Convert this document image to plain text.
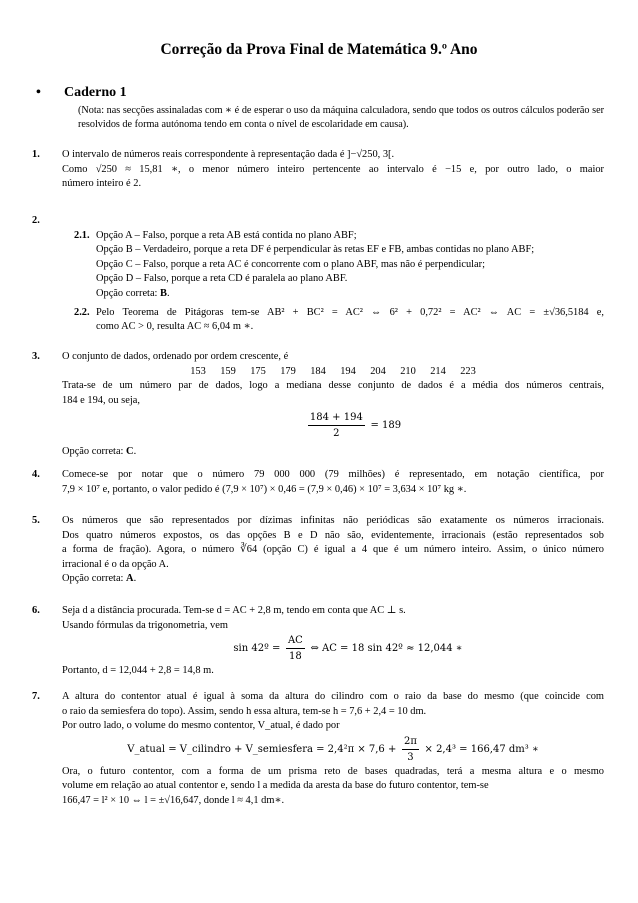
Correção da Prova Final de Matemática 9.º Ano
• Caderno 1
(Nota: nas secções assinaladas com ∗ é de esperar o uso da máquina calculadora, sendo que todos os outros cálculos poderão ser resolvidos de forma autónoma tendo em conta o nível de escolaridade em causa).
1. O intervalo de números reais correspondente à representação dada é ]−√250, 3[.
Como √250 ≈ 15,81 ∗, o menor número inteiro pertencente ao intervalo é −15 e, por outro lado, o maior
número inteiro é 2.
2.

2.1. Opção A – Falso, porque a reta AB está contida no plano ABF;
Opção B – Verdadeiro, porque a reta DF é perpendicular às retas EF e FB, ambas contidas no plano ABF;
Opção C – Falso, porque a reta AC é concorrente com o plano ABF, mas não é perpendicular;
Opção D – Falso, porque a reta CD é paralela ao plano ABF.
Opção correta: B.
2.2. Pelo Teorema de Pitágoras tem-se AB² + BC² = AC² ⇔ 6² + 0,72² = AC² ⇔ AC = ±√36,5184 e,
como AC > 0, resulta AC ≈ 6,04 m ∗.
3. O conjunto de dados, ordenado por ordem crescente, é
153 159 175 179 184 194 204 210 214 223
Trata-se de um número par de dados, logo a mediana desse conjunto de dados é a média dos números centrais,
184 e 194, ou seja,
$\frac{184 + 194}{2} = 189$
Opção correta: C.
4. Comece-se por notar que o número 79 000 000 (79 milhões) é representado, em notação científica, por
7,9 × 10⁷ e, portanto, o valor pedido é (7,9 × 10⁷) × 0,46 = (7,9 × 0,46) × 10⁷ = 3,634 × 10⁷ kg ∗.
5. Os números que são representados por dízimas infinitas não periódicas são exatamente os números irracionais.
Dos quatro números expostos, os das opções B e D não são, evidentemente, irracionais (estão representados sob
a forma de fração). Agora, o número ∛64 (opção C) é igual a 4 que é um número inteiro. Assim, o único número
irracional é o da opção A.
Opção correta: A.
6. Seja d a distância procurada. Tem-se d = AC + 2,8 m, tendo em conta que AC ⊥ s.
Usando fórmulas da trigonometria, vem
sin 42º = $\frac{AC}{18}$ ⇔ AC = 18 sin 42º ≈ 12,044 ∗
Portanto, d = 12,044 + 2,8 = 14,8 m.
7. A altura do contentor atual é igual à soma da altura do cilindro com o raio da base do mesmo (que coincide com
o raio da semiesfera do topo). Assim, sendo h essa altura, tem-se h = 7,6 + 2,4 = 10 dm.
Por outro lado, o volume do mesmo contentor, V_atual, é dado por
V_atual = V_cilindro + V_semiesfera = $2,4^2\pi \times 7,6 + \frac{2\pi}{3} \times 2,4^3 = 166,47$ dm³ ∗
Ora, o futuro contentor, com a forma de um prisma reto de bases quadradas, terá a mesma altura e o mesmo
volume em relação ao atual contentor e, sendo l a medida da aresta da base do futuro contentor, tem-se
166,47 = l² × 10 ⇔ l = ±√16,647, donde l ≈ 4,1 dm∗.
